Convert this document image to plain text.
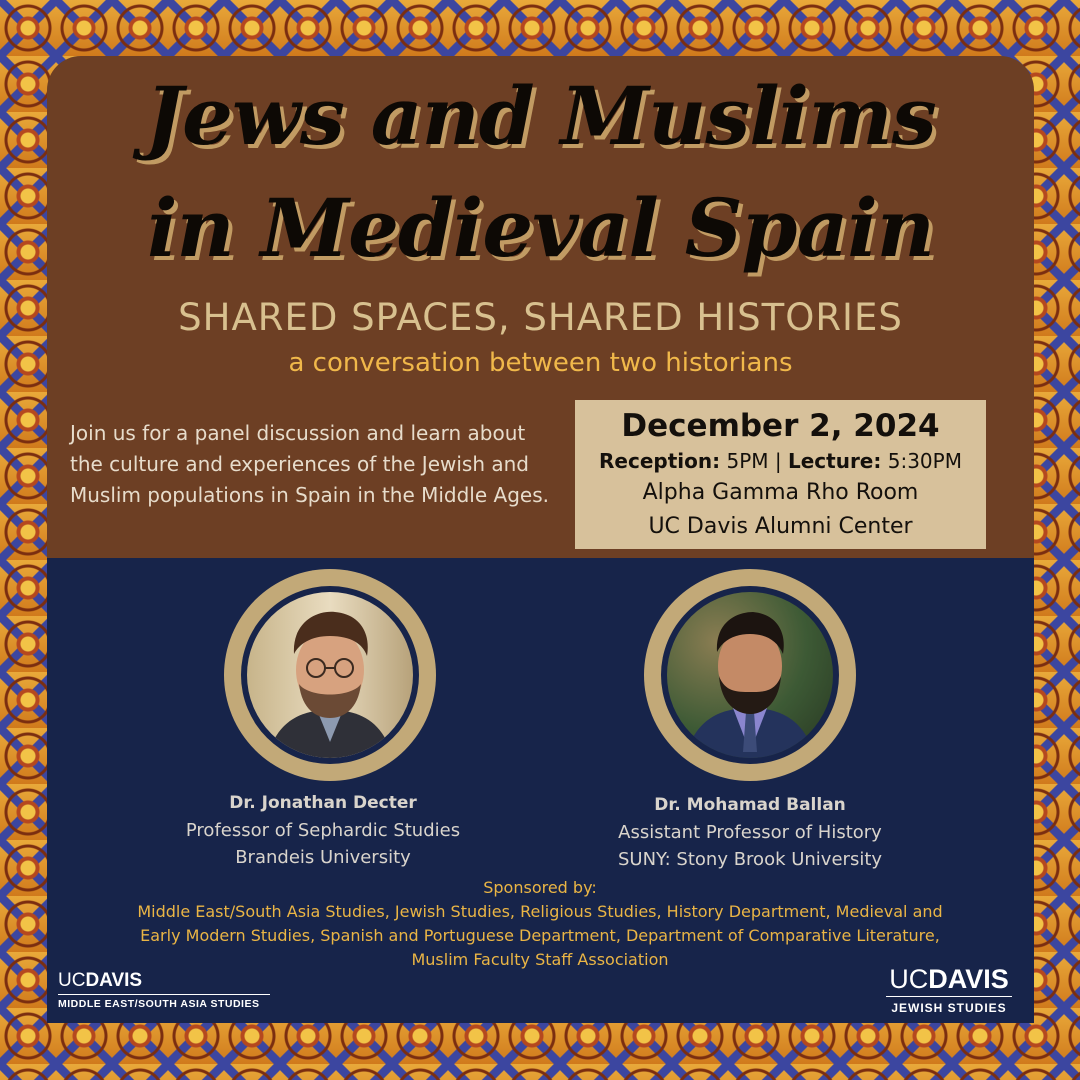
Jews and Muslims
in Medieval Spain
SHARED SPACES, SHARED HISTORIES
a conversation between two historians
Join us for a panel discussion and learn about the culture and experiences of the Jewish and Muslim populations in Spain in the Middle Ages.
December 2, 2024
Reception: 5PM | Lecture: 5:30PM
Alpha Gamma Rho Room
UC Davis Alumni Center
Dr. Jonathan Decter
Professor of Sephardic Studies
Brandeis University
Dr. Mohamad Ballan
Assistant Professor of History
SUNY: Stony Brook University
Sponsored by:
Middle East/South Asia Studies, Jewish Studies, Religious Studies, History Department, Medieval and
Early Modern Studies, Spanish and Portuguese Department, Department of Comparative Literature,
Muslim Faculty Staff Association
UCDAVIS
MIDDLE EAST/SOUTH ASIA STUDIES
UCDAVIS
JEWISH STUDIES
